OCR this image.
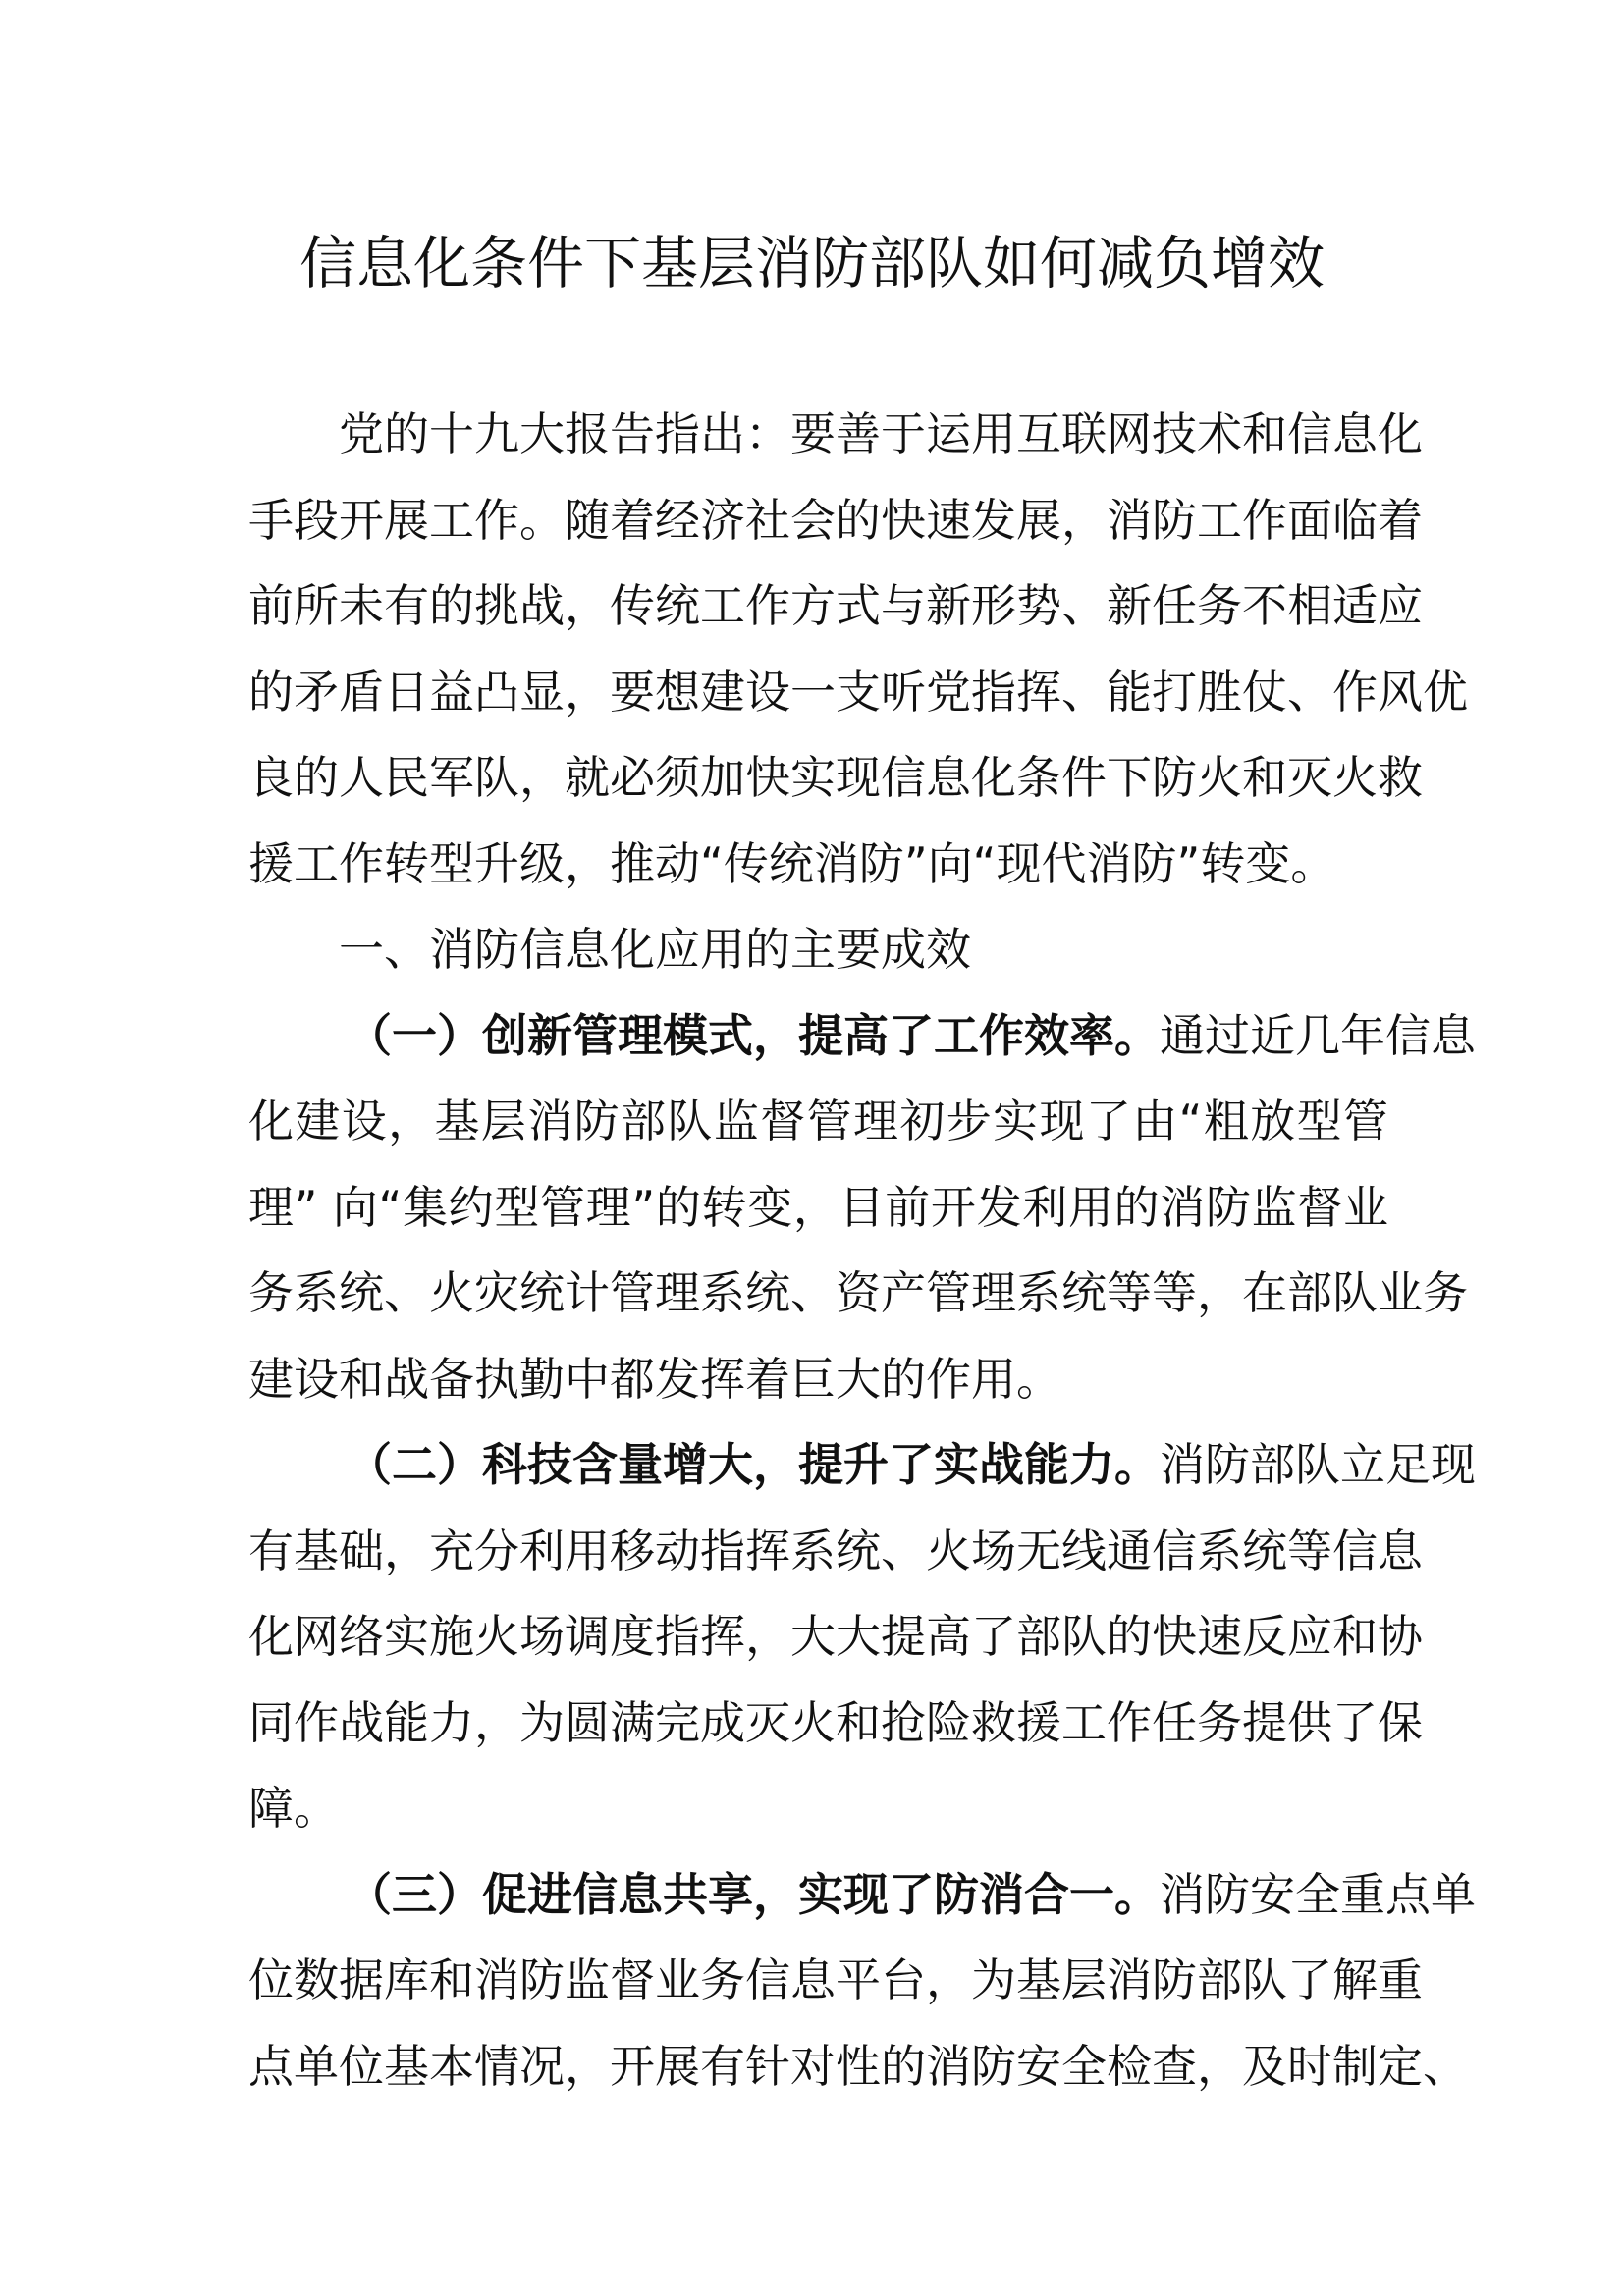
信息化条件下基层消防部队如何减负增效
党的十九大报告指出：要善于运用互联网技术和信息化
手段开展工作。随着经济社会的快速发展，消防工作面临着
前所未有的挑战，传统工作方式与新形势、新任务不相适应
的矛盾日益凸显，要想建设一支听党指挥、能打胜仗、作风优
良的人民军队，就必须加快实现信息化条件下防火和灭火救
援工作转型升级，推动“传统消防”向“现代消防”转变。
一、消防信息化应用的主要成效
（一）创新管理模式，提高了工作效率。通过近几年信息
化建设，基层消防部队监督管理初步实现了由“粗放型管
理” 向“集约型管理”的转变，目前开发利用的消防监督业
务系统、火灾统计管理系统、资产管理系统等等，在部队业务
建设和战备执勤中都发挥着巨大的作用。
（二）科技含量增大，提升了实战能力。消防部队立足现
有基础，充分利用移动指挥系统、火场无线通信系统等信息
化网络实施火场调度指挥，大大提高了部队的快速反应和协
同作战能力，为圆满完成灭火和抢险救援工作任务提供了保
障。
（三）促进信息共享，实现了防消合一。消防安全重点单
位数据库和消防监督业务信息平台，为基层消防部队了解重
点单位基本情况，开展有针对性的消防安全检查，及时制定、
